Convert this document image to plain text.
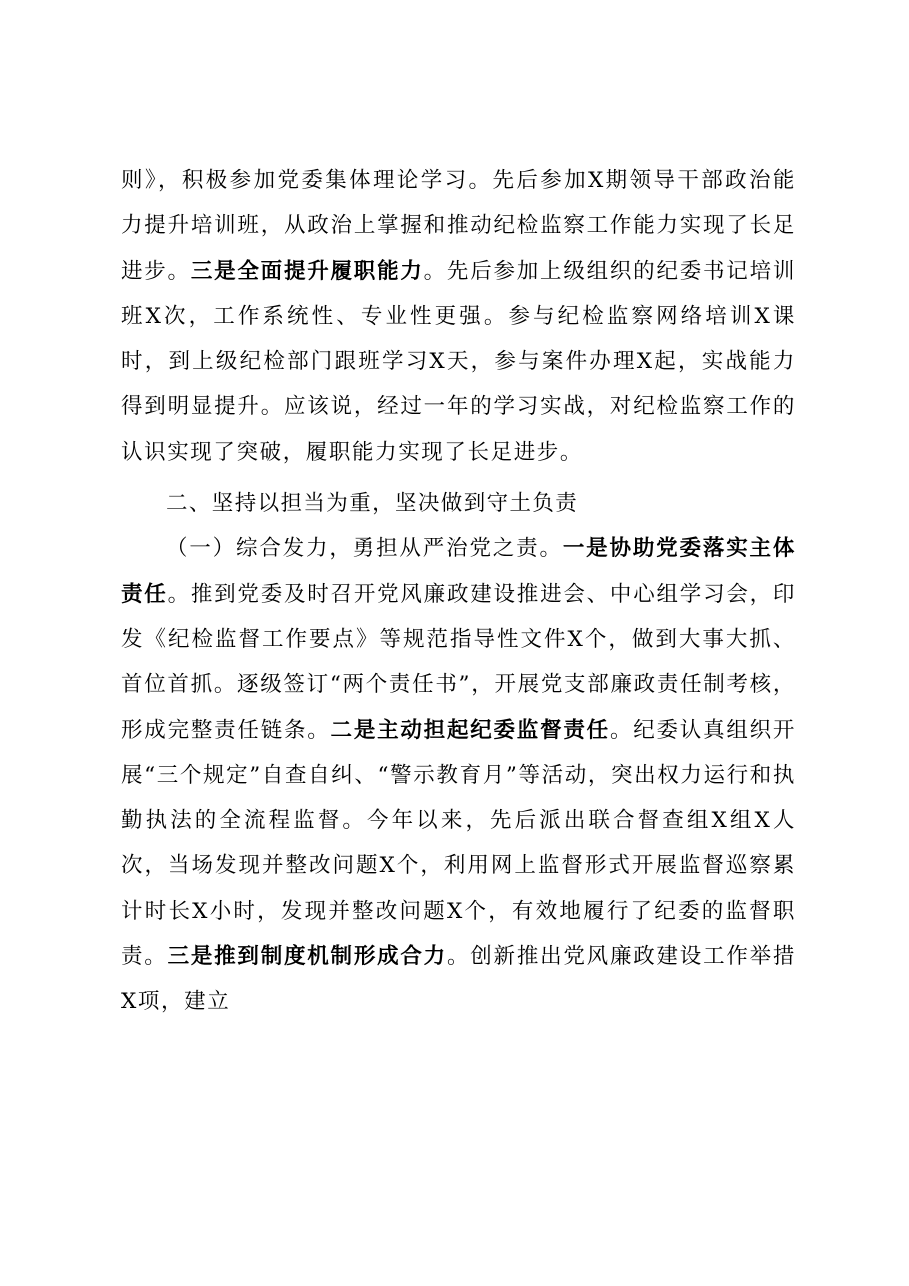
则》，积极参加党委集体理论学习。先后参加X期领导干部政治能力提升培训班，从政治上掌握和推动纪检监察工作能力实现了长足进步。三是全面提升履职能力。先后参加上级组织的纪委书记培训班X次，工作系统性、专业性更强。参与纪检监察网络培训X课时，到上级纪检部门跟班学习X天，参与案件办理X起，实战能力得到明显提升。应该说，经过一年的学习实战，对纪检监察工作的认识实现了突破，履职能力实现了长足进步。

二、坚持以担当为重，坚决做到守土负责

（一）综合发力，勇担从严治党之责。一是协助党委落实主体责任。推到党委及时召开党风廉政建设推进会、中心组学习会，印发《纪检监督工作要点》等规范指导性文件X个，做到大事大抓、首位首抓。逐级签订“两个责任书”，开展党支部廉政责任制考核，形成完整责任链条。二是主动担起纪委监督责任。纪委认真组织开展“三个规定”自查自纠、“警示教育月”等活动，突出权力运行和执勤执法的全流程监督。今年以来，先后派出联合督查组X组X人次，当场发现并整改问题X个，利用网上监督形式开展监督巡察累计时长X小时，发现并整改问题X个，有效地履行了纪委的监督职责。三是推到制度机制形成合力。创新推出党风廉政建设工作举措X项，建立
